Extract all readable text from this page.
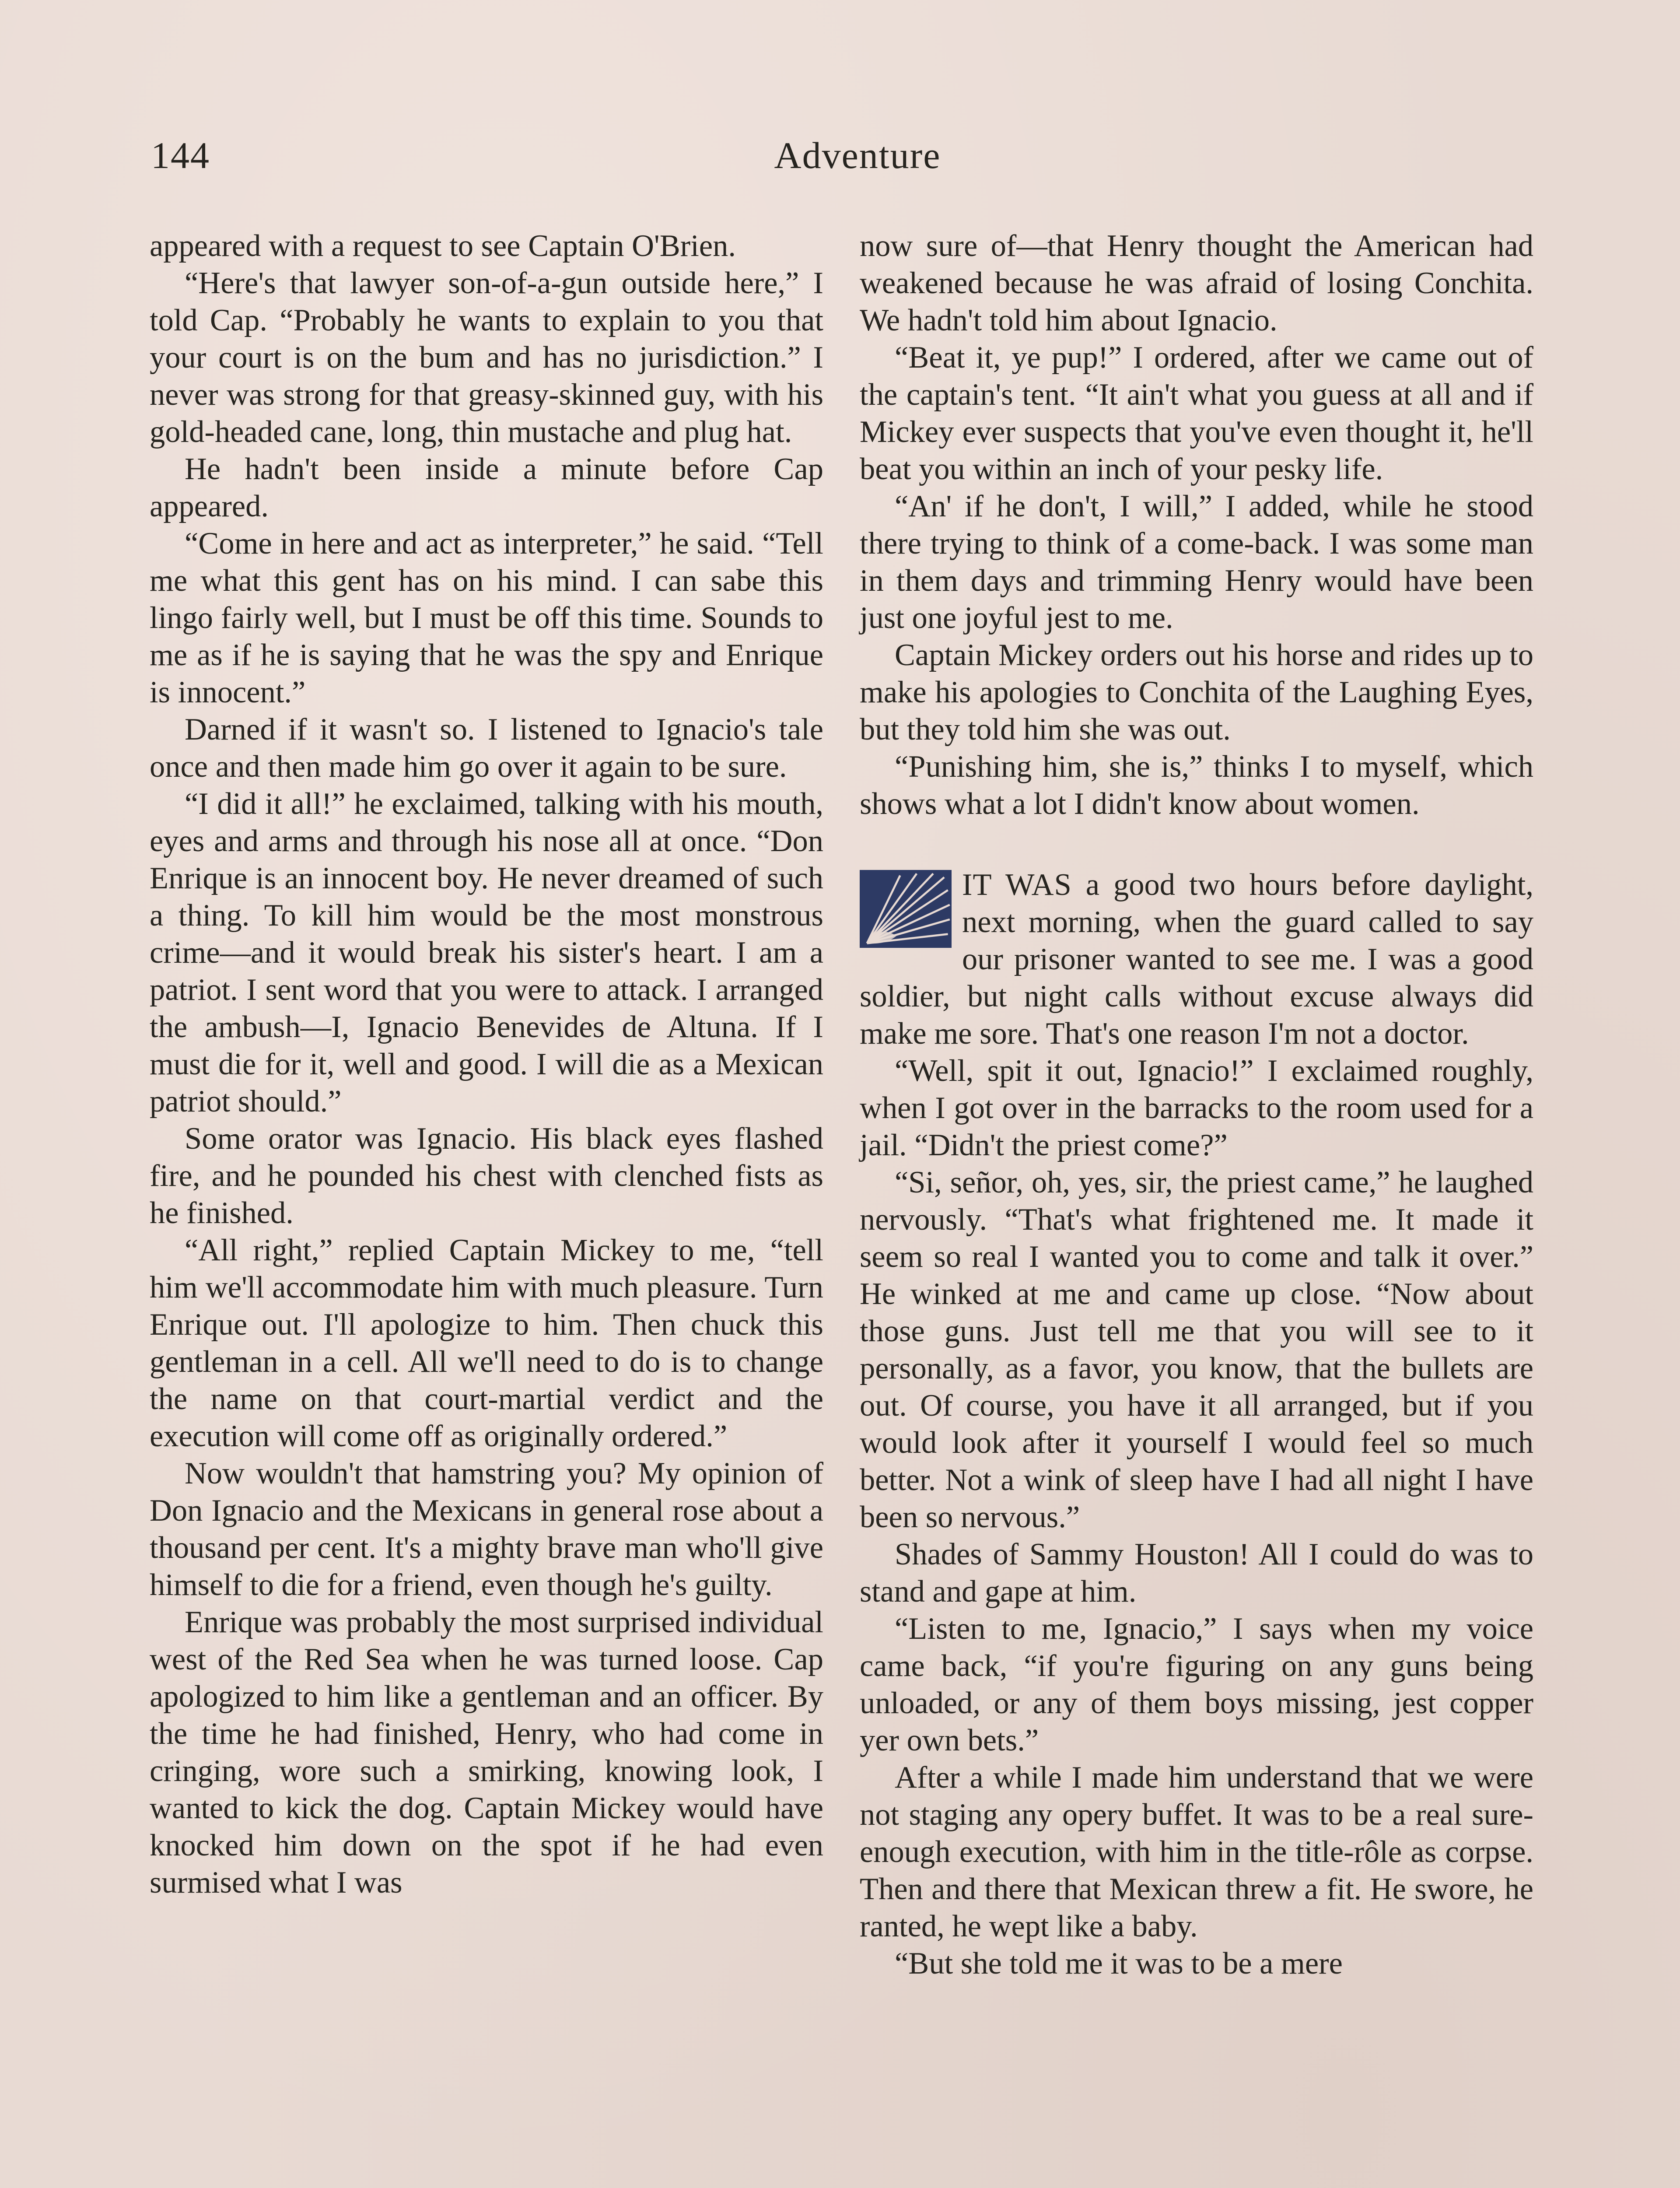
144	Adventure

appeared with a request to see Captain O'Brien.

“Here's that lawyer son-of-a-gun outside here,” I told Cap. “Probably he wants to explain to you that your court is on the bum and has no jurisdiction.” I never was strong for that greasy-skinned guy, with his gold-headed cane, long, thin mustache and plug hat.

He hadn't been inside a minute before Cap appeared.

“Come in here and act as interpreter,” he said. “Tell me what this gent has on his mind. I can sabe this lingo fairly well, but I must be off this time. Sounds to me as if he is saying that he was the spy and Enrique is innocent.”

Darned if it wasn't so. I listened to Ignacio's tale once and then made him go over it again to be sure.

“I did it all!” he exclaimed, talking with his mouth, eyes and arms and through his nose all at once. “Don Enrique is an innocent boy. He never dreamed of such a thing. To kill him would be the most monstrous crime—and it would break his sister's heart. I am a patriot. I sent word that you were to attack. I arranged the ambush—I, Ignacio Benevides de Altuna. If I must die for it, well and good. I will die as a Mexican patriot should.”

Some orator was Ignacio. His black eyes flashed fire, and he pounded his chest with clenched fists as he finished.

“All right,” replied Captain Mickey to me, “tell him we'll accommodate him with much pleasure. Turn Enrique out. I'll apologize to him. Then chuck this gentleman in a cell. All we'll need to do is to change the name on that court-martial verdict and the execution will come off as originally ordered.”

Now wouldn't that hamstring you? My opinion of Don Ignacio and the Mexicans in general rose about a thousand per cent. It's a mighty brave man who'll give himself to die for a friend, even though he's guilty.

Enrique was probably the most surprised individual west of the Red Sea when he was turned loose. Cap apologized to him like a gentleman and an officer. By the time he had finished, Henry, who had come in cringing, wore such a smirking, knowing look, I wanted to kick the dog. Captain Mickey would have knocked him down on the spot if he had even surmised what I was

now sure of—that Henry thought the American had weakened because he was afraid of losing Conchita. We hadn't told him about Ignacio.

“Beat it, ye pup!” I ordered, after we came out of the captain's tent. “It ain't what you guess at all and if Mickey ever suspects that you've even thought it, he'll beat you within an inch of your pesky life.

“An' if he don't, I will,” I added, while he stood there trying to think of a come-back. I was some man in them days and trimming Henry would have been just one joyful jest to me.

Captain Mickey orders out his horse and rides up to make his apologies to Conchita of the Laughing Eyes, but they told him she was out.

“Punishing him, she is,” thinks I to myself, which shows what a lot I didn't know about women.

IT WAS a good two hours before daylight, next morning, when the guard called to say our prisoner wanted to see me. I was a good soldier, but night calls without excuse always did make me sore. That's one reason I'm not a doctor.

“Well, spit it out, Ignacio!” I exclaimed roughly, when I got over in the barracks to the room used for a jail. “Didn't the priest come?”

“Si, señor, oh, yes, sir, the priest came,” he laughed nervously. “That's what frightened me. It made it seem so real I wanted you to come and talk it over.” He winked at me and came up close. “Now about those guns. Just tell me that you will see to it personally, as a favor, you know, that the bullets are out. Of course, you have it all arranged, but if you would look after it yourself I would feel so much better. Not a wink of sleep have I had all night I have been so nervous.”

Shades of Sammy Houston! All I could do was to stand and gape at him.

“Listen to me, Ignacio,” I says when my voice came back, “if you're figuring on any guns being unloaded, or any of them boys missing, jest copper yer own bets.”

After a while I made him understand that we were not staging any opery buffet. It was to be a real sure-enough execution, with him in the title-rôle as corpse. Then and there that Mexican threw a fit. He swore, he ranted, he wept like a baby.

“But she told me it was to be a mere
